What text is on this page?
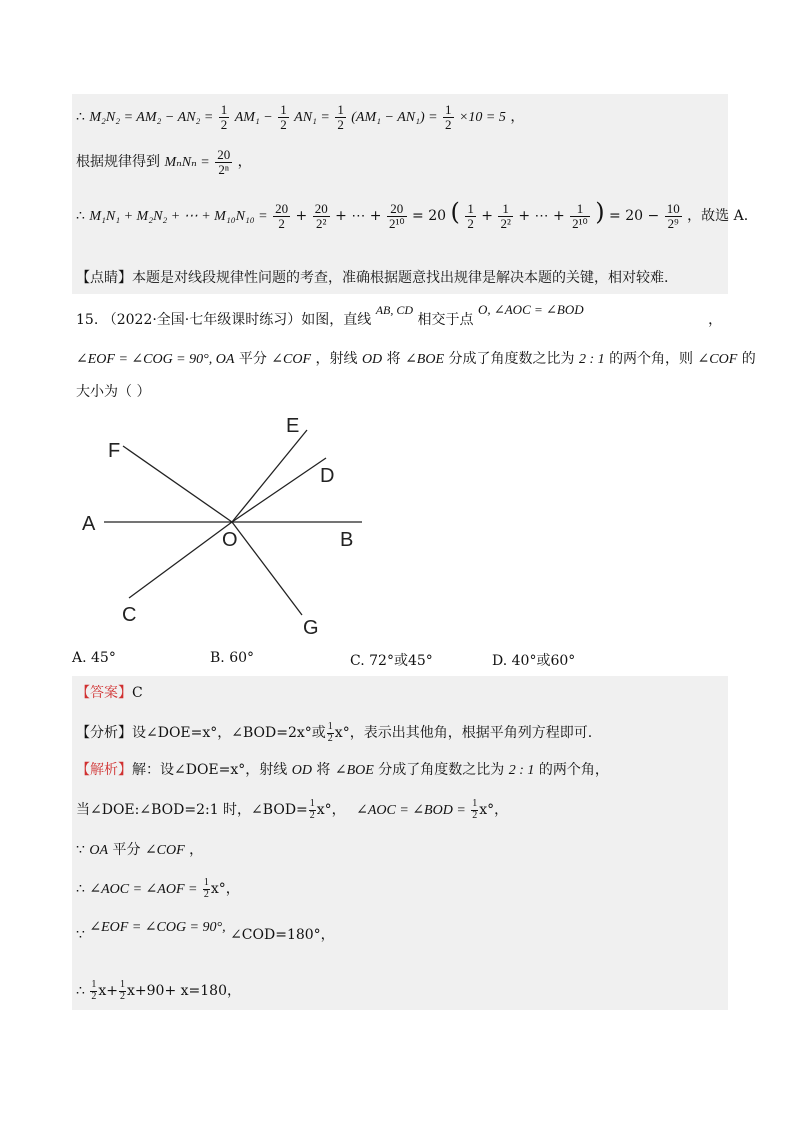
∴ $M_2N_2 = AM_2 - AN_2 = \frac{1}{2} AM_1 - \frac{1}{2} AN_1 = \frac{1}{2} (AM_1 - AN_1) = \frac{1}{2} \times 10 = 5$ ，
根据规律得到 $M_nN_n = \frac{20}{\text{2ⁿ}}$ ，
∴ M₁N₁ + M₂N₂ + ⋯ + $M_{10}N_{10} = \frac{20}{2} + \frac{20}{\text{2²}}$ + ⋯ + $\frac{20}{\text{2¹⁰}} = 20$ ( $\frac{1}{2} + \frac{1}{\text{2²}}$ + ⋯ + $\frac{1}{\text{2¹⁰}}$ ) = $20 - \frac{10}{\text{2⁹}}$ ，故选 A.
【点睛】本题是对线段规律性问题的考查，准确根据题意找出规律是解决本题的关键，相对较难.
15. （2022·全国·七年级课时练习）如图，直线 AB, CD 相交于点 O, ∠AOC = ∠BOD ，
∠EOF = ∠COG = 90°, OA 平分 ∠COF ，射线 OD 将 ∠BOE 分成了角度数之比为 2 : 1 的两个角，则 ∠COF 的
大小为（ ）
E
F
D
A
O	B
C
G
A. 45°	B. 60°	C. 72°或45°	D. 40°或60°
【答案】C
【分析】设∠DOE=x°，∠BOD=2x°或 $\frac{1}{2} x^\circ$，表示出其他角，根据平角列方程即可.
【解析】解：设∠DOE=x°，射线 OD 将 ∠BOE 分成了角度数之比为 2 : 1 的两个角，
当∠DOE:∠BOD=2:1 时，∠BOD= $\frac{1}{2} x^\circ$， ∠AOC = ∠BOD = $\frac{1}{2} x^\circ$，
∵ OA 平分 ∠COF ，
∴ ∠AOC = ∠AOF = $\frac{1}{2} x^\circ$，
∵ ∠EOF = ∠COG = 90°, ∠COD=180°，
∴ $\frac{1}{2} x+ \frac{1}{2} x+90+ x=180$，
